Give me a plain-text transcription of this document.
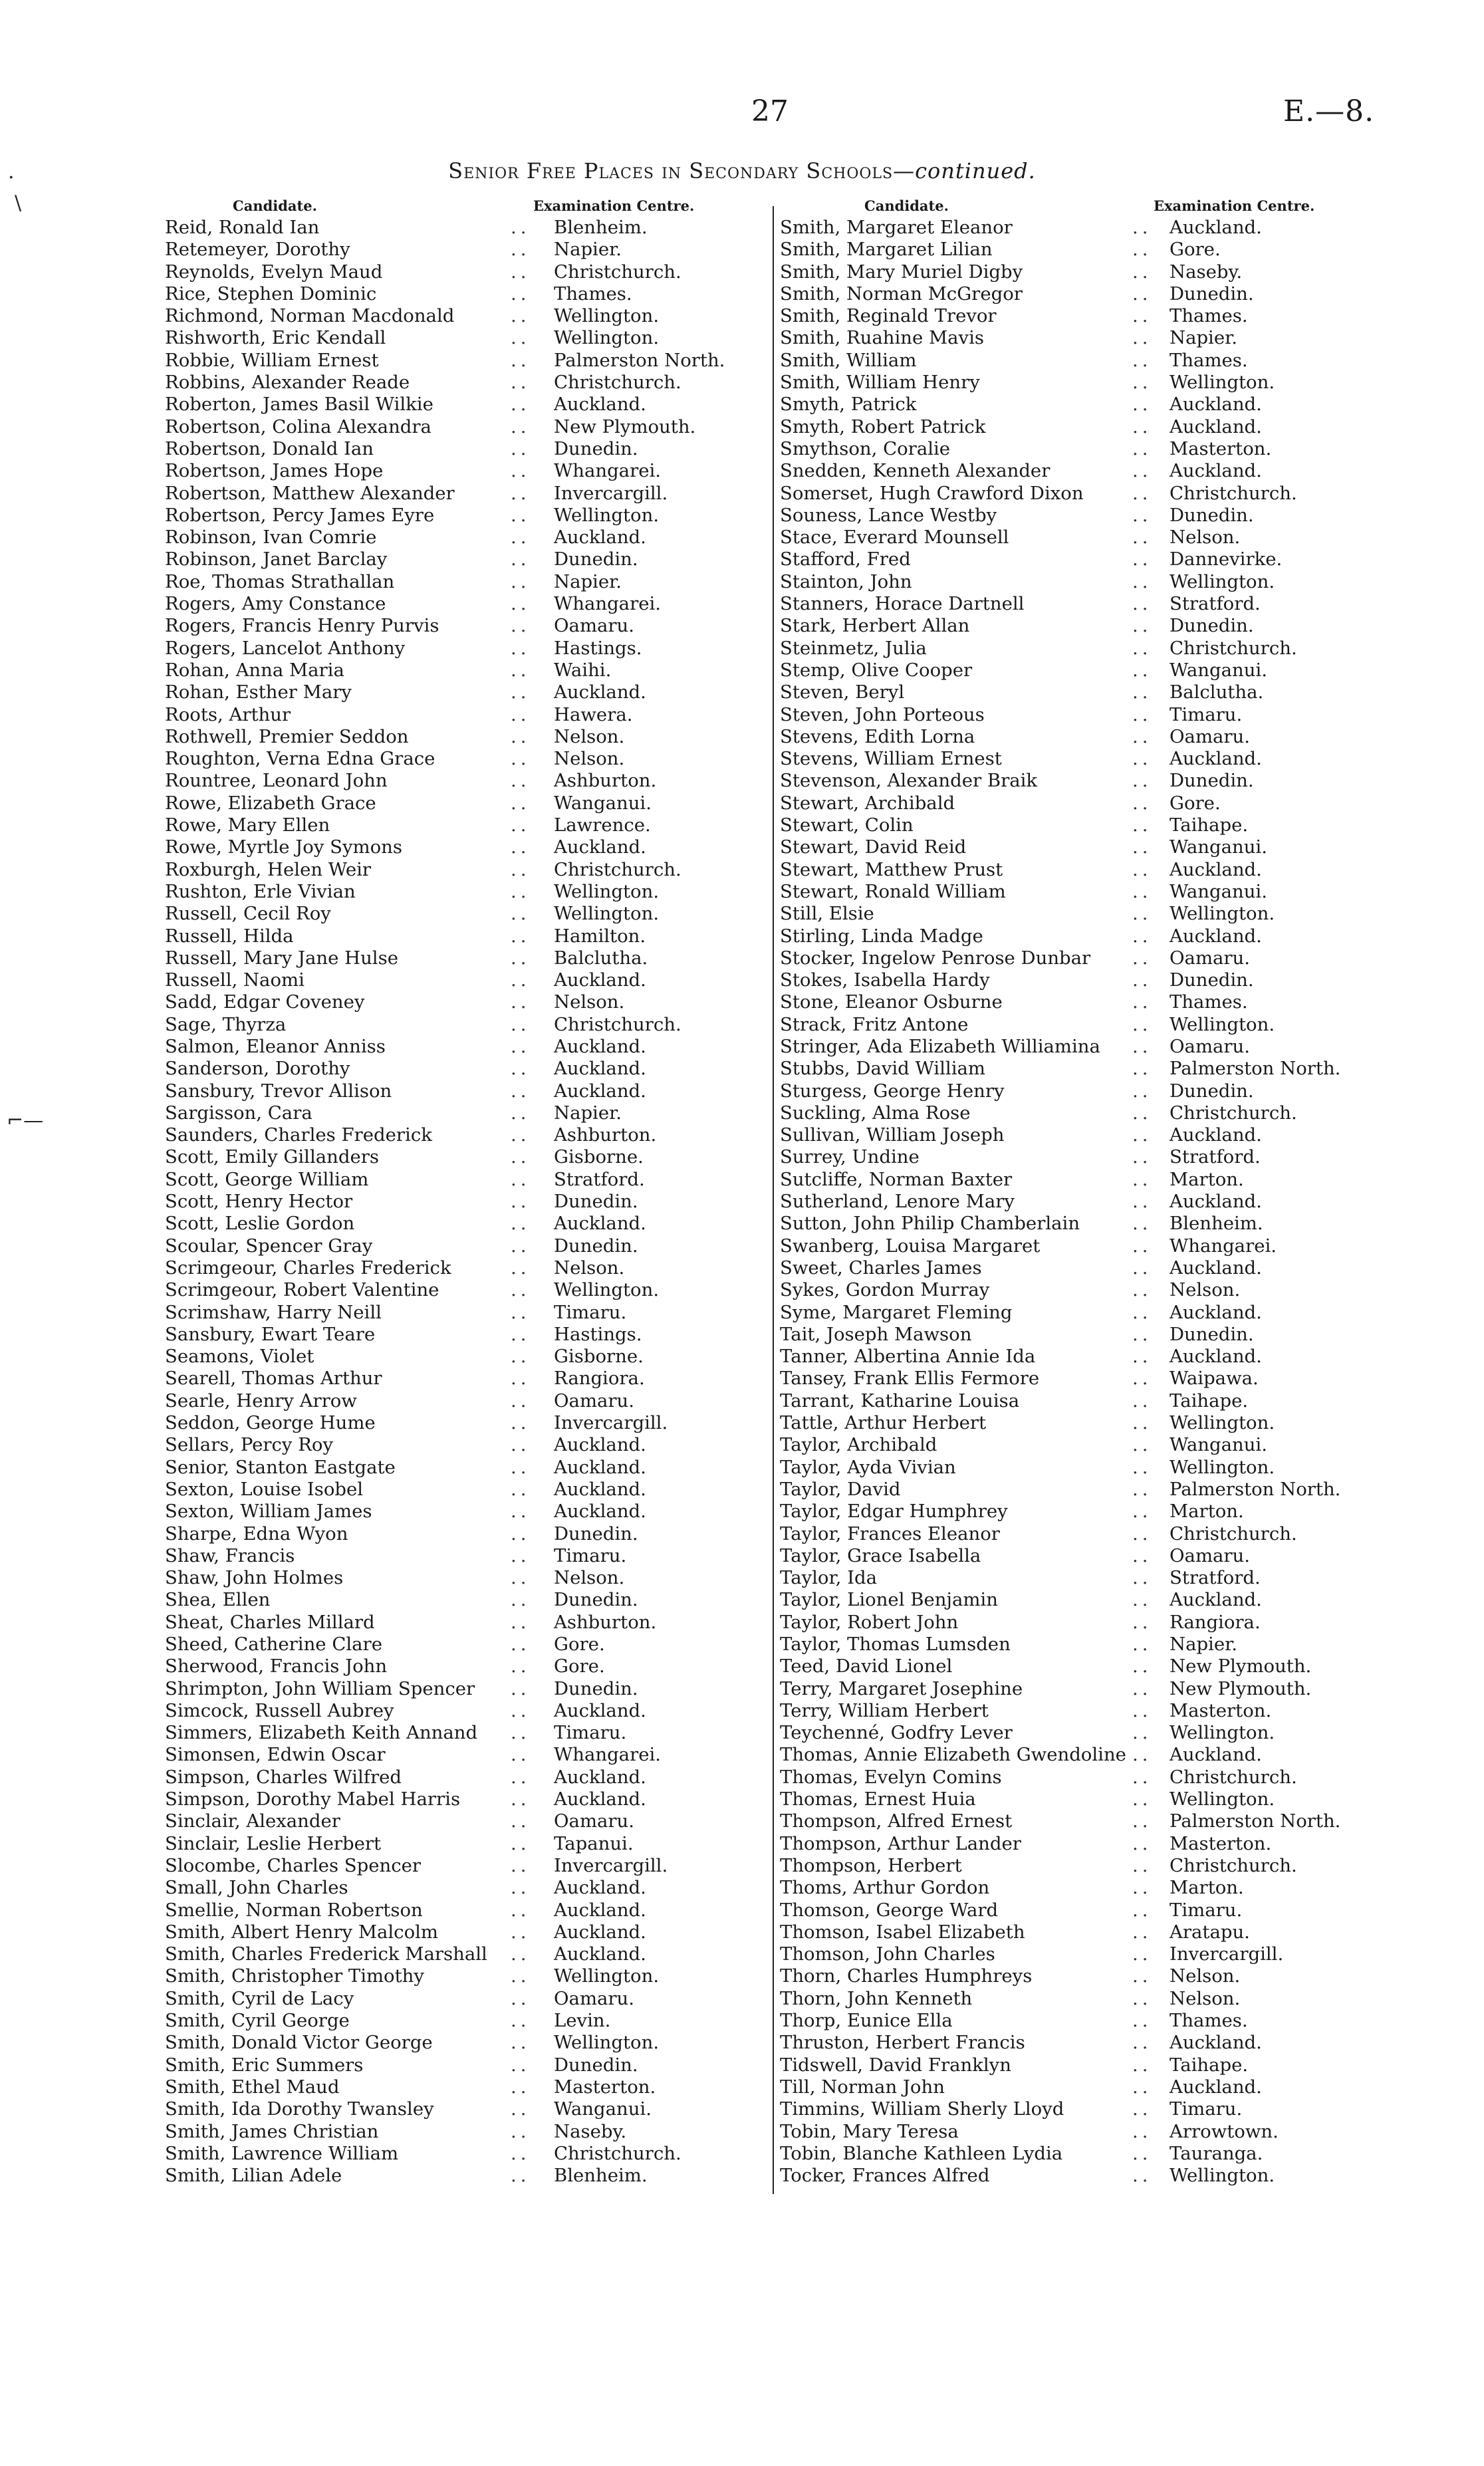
27	E.—8.
Senior Free Places in Secondary Schools—continued.
Candidate.	Examination Centre.	Candidate.	Examination Centre.
·
\
⌐—
Reid, Ronald Ian	.. Blenheim.
Retemeyer, Dorothy	.. Napier.
Reynolds, Evelyn Maud	.. Christchurch.
Rice, Stephen Dominic	.. Thames.
Richmond, Norman Macdonald	.. Wellington.
Rishworth, Eric Kendall	.. Wellington.
Robbie, William Ernest	.. Palmerston North.
Robbins, Alexander Reade	.. Christchurch.
Roberton, James Basil Wilkie	.. Auckland.
Robertson, Colina Alexandra	.. New Plymouth.
Robertson, Donald Ian	.. Dunedin.
Robertson, James Hope	.. Whangarei.
Robertson, Matthew Alexander	.. Invercargill.
Robertson, Percy James Eyre	.. Wellington.
Robinson, Ivan Comrie	.. Auckland.
Robinson, Janet Barclay	.. Dunedin.
Roe, Thomas Strathallan	.. Napier.
Rogers, Amy Constance	.. Whangarei.
Rogers, Francis Henry Purvis	.. Oamaru.
Rogers, Lancelot Anthony	.. Hastings.
Rohan, Anna Maria	.. Waihi.
Rohan, Esther Mary	.. Auckland.
Roots, Arthur	.. Hawera.
Rothwell, Premier Seddon	.. Nelson.
Roughton, Verna Edna Grace	.. Nelson.
Rountree, Leonard John	.. Ashburton.
Rowe, Elizabeth Grace	.. Wanganui.
Rowe, Mary Ellen	.. Lawrence.
Rowe, Myrtle Joy Symons	.. Auckland.
Roxburgh, Helen Weir	.. Christchurch.
Rushton, Erle Vivian	.. Wellington.
Russell, Cecil Roy	.. Wellington.
Russell, Hilda	.. Hamilton.
Russell, Mary Jane Hulse	.. Balclutha.
Russell, Naomi	.. Auckland.
Sadd, Edgar Coveney	.. Nelson.
Sage, Thyrza	.. Christchurch.
Salmon, Eleanor Anniss	.. Auckland.
Sanderson, Dorothy	.. Auckland.
Sansbury, Trevor Allison	.. Auckland.
Sargisson, Cara	.. Napier.
Saunders, Charles Frederick	.. Ashburton.
Scott, Emily Gillanders	.. Gisborne.
Scott, George William	.. Stratford.
Scott, Henry Hector	.. Dunedin.
Scott, Leslie Gordon	.. Auckland.
Scoular, Spencer Gray	.. Dunedin.
Scrimgeour, Charles Frederick	.. Nelson.
Scrimgeour, Robert Valentine	.. Wellington.
Scrimshaw, Harry Neill	.. Timaru.
Sansbury, Ewart Teare	.. Hastings.
Seamons, Violet	.. Gisborne.
Searell, Thomas Arthur	.. Rangiora.
Searle, Henry Arrow	.. Oamaru.
Seddon, George Hume	.. Invercargill.
Sellars, Percy Roy	.. Auckland.
Senior, Stanton Eastgate	.. Auckland.
Sexton, Louise Isobel	.. Auckland.
Sexton, William James	.. Auckland.
Sharpe, Edna Wyon	.. Dunedin.
Shaw, Francis	.. Timaru.
Shaw, John Holmes	.. Nelson.
Shea, Ellen	.. Dunedin.
Sheat, Charles Millard	.. Ashburton.
Sheed, Catherine Clare	.. Gore.
Sherwood, Francis John	.. Gore.
Shrimpton, John William Spencer .. Dunedin.
Simcock, Russell Aubrey	.. Auckland.
Simmers, Elizabeth Keith Annand .. Timaru.
Simonsen, Edwin Oscar	.. Whangarei.
Simpson, Charles Wilfred	.. Auckland.
Simpson, Dorothy Mabel Harris	.. Auckland.
Sinclair, Alexander	.. Oamaru.
Sinclair, Leslie Herbert	.. Tapanui.
Slocombe, Charles Spencer	.. Invercargill.
Small, John Charles	.. Auckland.
Smellie, Norman Robertson	.. Auckland.
Smith, Albert Henry Malcolm	.. Auckland.
Smith, Charles Frederick Marshall .. Auckland.
Smith, Christopher Timothy	.. Wellington.
Smith, Cyril de Lacy	.. Oamaru.
Smith, Cyril George	.. Levin.
Smith, Donald Victor George	.. Wellington.
Smith, Eric Summers	.. Dunedin.
Smith, Ethel Maud	.. Masterton.
Smith, Ida Dorothy Twansley	.. Wanganui.
Smith, James Christian	.. Naseby.
Smith, Lawrence William	.. Christchurch.
Smith, Lilian Adele	.. Blenheim.
Smith, Margaret Eleanor	.. Auckland.
Smith, Margaret Lilian	.. Gore.
Smith, Mary Muriel Digby	.. Naseby.
Smith, Norman McGregor	.. Dunedin.
Smith, Reginald Trevor	.. Thames.
Smith, Ruahine Mavis	.. Napier.
Smith, William	.. Thames.
Smith, William Henry	.. Wellington.
Smyth, Patrick	.. Auckland.
Smyth, Robert Patrick	.. Auckland.
Smythson, Coralie	.. Masterton.
Snedden, Kenneth Alexander	.. Auckland.
Somerset, Hugh Crawford Dixon	.. Christchurch.
Souness, Lance Westby	.. Dunedin.
Stace, Everard Mounsell	.. Nelson.
Stafford, Fred	.. Dannevirke.
Stainton, John	.. Wellington.
Stanners, Horace Dartnell	.. Stratford.
Stark, Herbert Allan	.. Dunedin.
Steinmetz, Julia	.. Christchurch.
Stemp, Olive Cooper	.. Wanganui.
Steven, Beryl	.. Balclutha.
Steven, John Porteous	.. Timaru.
Stevens, Edith Lorna	.. Oamaru.
Stevens, William Ernest	.. Auckland.
Stevenson, Alexander Braik	.. Dunedin.
Stewart, Archibald	.. Gore.
Stewart, Colin	.. Taihape.
Stewart, David Reid	.. Wanganui.
Stewart, Matthew Prust	.. Auckland.
Stewart, Ronald William	.. Wanganui.
Still, Elsie	.. Wellington.
Stirling, Linda Madge	.. Auckland.
Stocker, Ingelow Penrose Dunbar .. Oamaru.
Stokes, Isabella Hardy	.. Dunedin.
Stone, Eleanor Osburne	.. Thames.
Strack, Fritz Antone	.. Wellington.
Stringer, Ada Elizabeth Williamina .. Oamaru.
Stubbs, David William	.. Palmerston North.
Sturgess, George Henry	.. Dunedin.
Suckling, Alma Rose	.. Christchurch.
Sullivan, William Joseph	.. Auckland.
Surrey, Undine	.. Stratford.
Sutcliffe, Norman Baxter	.. Marton.
Sutherland, Lenore Mary	.. Auckland.
Sutton, John Philip Chamberlain	.. Blenheim.
Swanberg, Louisa Margaret	.. Whangarei.
Sweet, Charles James	.. Auckland.
Sykes, Gordon Murray	.. Nelson.
Syme, Margaret Fleming	.. Auckland.
Tait, Joseph Mawson	.. Dunedin.
Tanner, Albertina Annie Ida	.. Auckland.
Tansey, Frank Ellis Fermore	.. Waipawa.
Tarrant, Katharine Louisa	.. Taihape.
Tattle, Arthur Herbert	.. Wellington.
Taylor, Archibald	.. Wanganui.
Taylor, Ayda Vivian	.. Wellington.
Taylor, David	.. Palmerston North.
Taylor, Edgar Humphrey	.. Marton.
Taylor, Frances Eleanor	.. Christchurch.
Taylor, Grace Isabella	.. Oamaru.
Taylor, Ida	.. Stratford.
Taylor, Lionel Benjamin	.. Auckland.
Taylor, Robert John	.. Rangiora.
Taylor, Thomas Lumsden	.. Napier.
Teed, David Lionel	.. New Plymouth.
Terry, Margaret Josephine	.. New Plymouth.
Terry, William Herbert	.. Masterton.
Teychenné, Godfry Lever	.. Wellington.
Thomas, Annie Elizabeth Gwendoline .. Auckland.
Thomas, Evelyn Comins	.. Christchurch.
Thomas, Ernest Huia	.. Wellington.
Thompson, Alfred Ernest	.. Palmerston North.
Thompson, Arthur Lander	.. Masterton.
Thompson, Herbert	.. Christchurch.
Thoms, Arthur Gordon	.. Marton.
Thomson, George Ward	.. Timaru.
Thomson, Isabel Elizabeth	.. Aratapu.
Thomson, John Charles	.. Invercargill.
Thorn, Charles Humphreys	.. Nelson.
Thorn, John Kenneth	.. Nelson.
Thorp, Eunice Ella	.. Thames.
Thruston, Herbert Francis	.. Auckland.
Tidswell, David Franklyn	.. Taihape.
Till, Norman John	.. Auckland.
Timmins, William Sherly Lloyd	.. Timaru.
Tobin, Mary Teresa	.. Arrowtown.
Tobin, Blanche Kathleen Lydia	.. Tauranga.
Tocker, Frances Alfred	.. Wellington.
